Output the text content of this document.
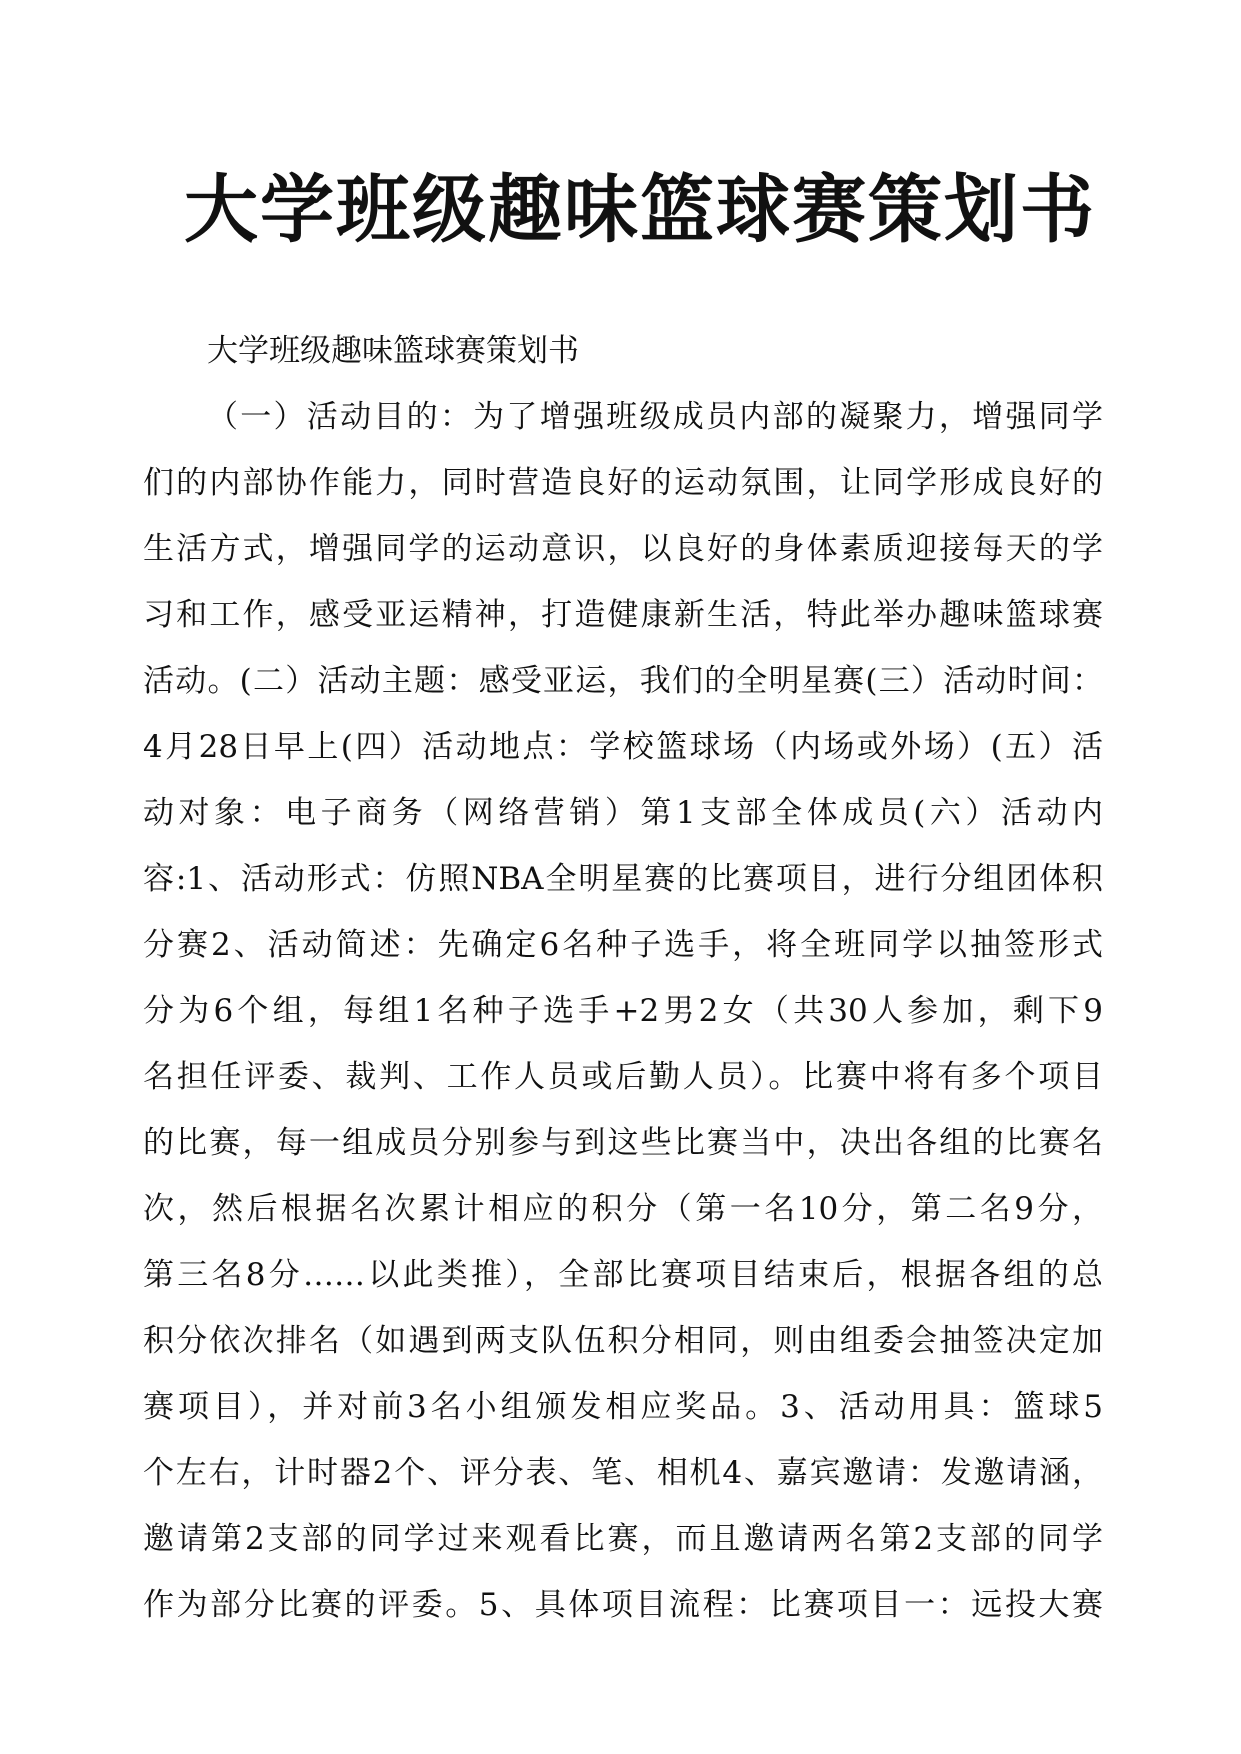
大学班级趣味篮球赛策划书
大学班级趣味篮球赛策划书
（一）活动目的：为了增强班级成员内部的凝聚力，增强同学
们的内部协作能力，同时营造良好的运动氛围，让同学形成良好的
生活方式，增强同学的运动意识，以良好的身体素质迎接每天的学
习和工作，感受亚运精神，打造健康新生活，特此举办趣味篮球赛
活动。(二）活动主题：感受亚运，我们的全明星赛(三）活动时间：
4月28日早上(四）活动地点：学校篮球场（内场或外场）(五）活
动对象：电子商务（网络营销）第1支部全体成员(六）活动内
容:1、活动形式：仿照NBA全明星赛的比赛项目，进行分组团体积
分赛2、活动简述：先确定6名种子选手，将全班同学以抽签形式
分为6个组，每组1名种子选手+2男2女（共30人参加，剩下9
名担任评委、裁判、工作人员或后勤人员）。比赛中将有多个项目
的比赛，每一组成员分别参与到这些比赛当中，决出各组的比赛名
次，然后根据名次累计相应的积分（第一名10分，第二名9分，
第三名8分……以此类推），全部比赛项目结束后，根据各组的总
积分依次排名（如遇到两支队伍积分相同，则由组委会抽签决定加
赛项目），并对前3名小组颁发相应奖品。3、活动用具：篮球5
个左右，计时器2个、评分表、笔、相机4、嘉宾邀请：发邀请涵，
邀请第2支部的同学过来观看比赛，而且邀请两名第2支部的同学
作为部分比赛的评委。5、具体项目流程：比赛项目一：远投大赛
